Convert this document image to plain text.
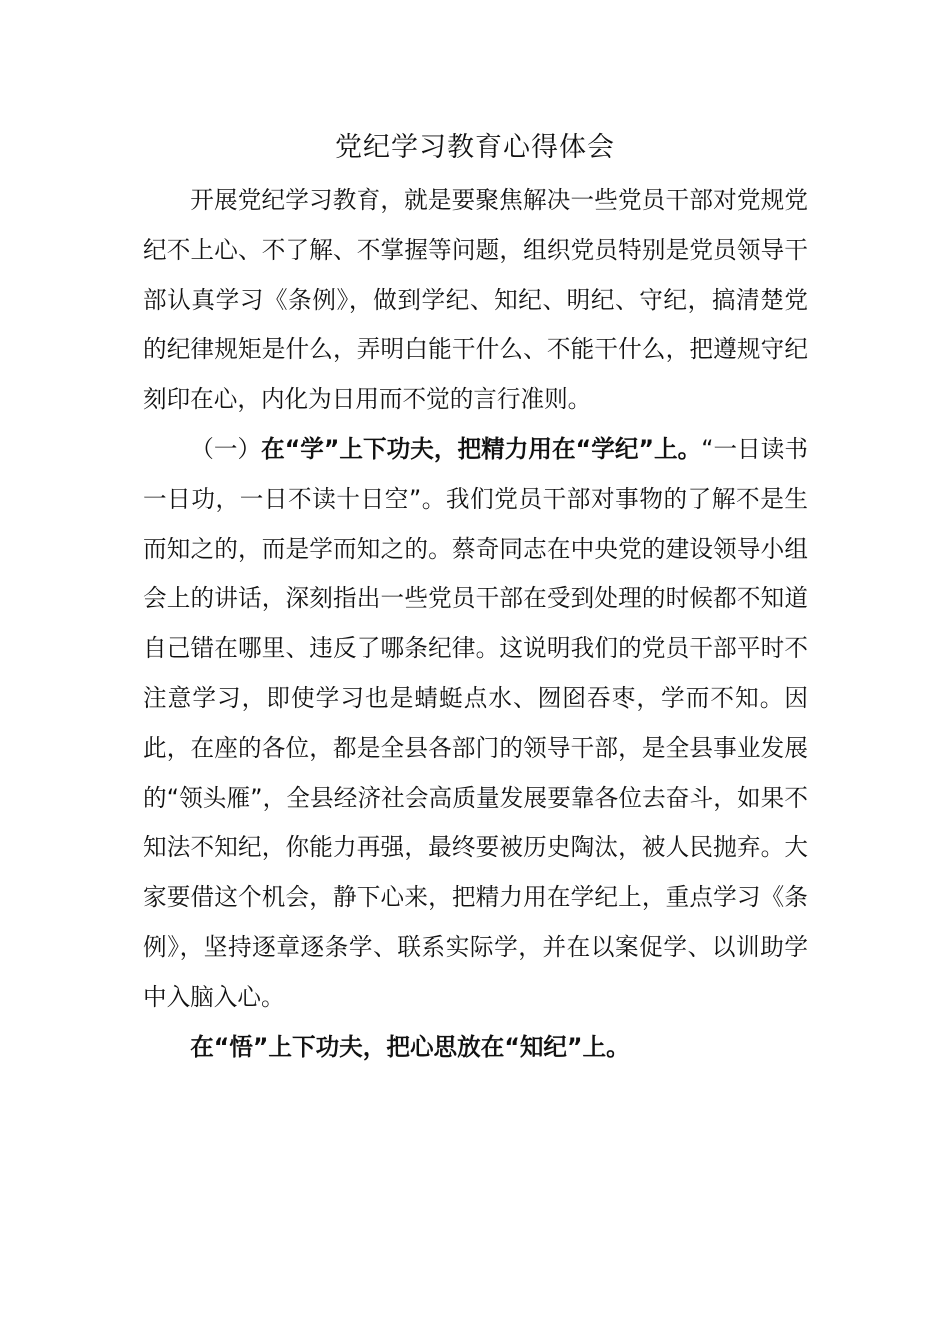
党纪学习教育心得体会

开展党纪学习教育，就是要聚焦解决一些党员干部对党规党纪不上心、不了解、不掌握等问题，组织党员特别是党员领导干部认真学习《条例》，做到学纪、知纪、明纪、守纪，搞清楚党的纪律规矩是什么，弄明白能干什么、不能干什么，把遵规守纪刻印在心，内化为日用而不觉的言行准则。

（一）在“学”上下功夫，把精力用在“学纪”上。“一日读书一日功，一日不读十日空”。我们党员干部对事物的了解不是生而知之的，而是学而知之的。蔡奇同志在中央党的建设领导小组会上的讲话，深刻指出一些党员干部在受到处理的时候都不知道自己错在哪里、违反了哪条纪律。这说明我们的党员干部平时不注意学习，即使学习也是蜻蜓点水、囫囵吞枣，学而不知。因此，在座的各位，都是全县各部门的领导干部，是全县事业发展的“领头雁”，全县经济社会高质量发展要靠各位去奋斗，如果不知法不知纪，你能力再强，最终要被历史陶汰，被人民抛弃。大家要借这个机会，静下心来，把精力用在学纪上，重点学习《条例》，坚持逐章逐条学、联系实际学，并在以案促学、以训助学中入脑入心。

在“悟”上下功夫，把心思放在“知纪”上。
